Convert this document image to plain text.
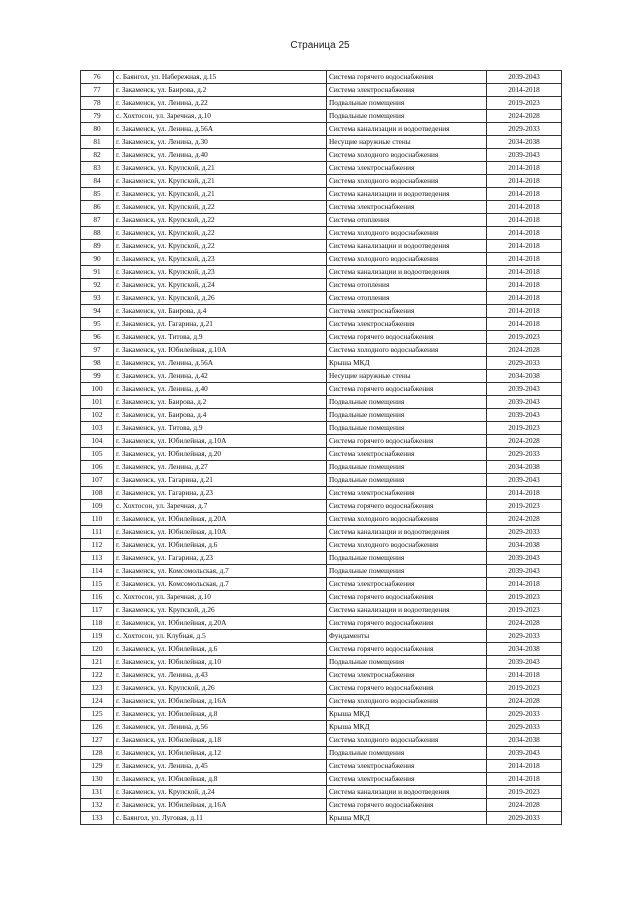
Страница 25
76	с. Баянгол, ул. Набережная, д.15	Система горячего водоснабжения	2039-2043
77	г. Закаменск, ул. Баирова, д.2	Система электроснабжения	2014-2018
78	г. Закаменск, ул. Ленина, д.22	Подвальные помещения	2019-2023
79	с. Хохтосон, ул. Заречная, д.10	Подвальные помещения	2024-2028
80	г. Закаменск, ул. Ленина, д.56А	Система канализации и водоотведения	2029-2033
81	г. Закаменск, ул. Ленина, д.30	Несущие наружные стены	2034-2038
82	г. Закаменск, ул. Ленина, д.40	Система холодного водоснабжения	2039-2043
83	г. Закаменск, ул. Крупской, д.21	Система электроснабжения	2014-2018
84	г. Закаменск, ул. Крупской, д.21	Система холодного водоснабжения	2014-2018
85	г. Закаменск, ул. Крупской, д.21	Система канализации и водоотведения	2014-2018
86	г. Закаменск, ул. Крупской, д.22	Система электроснабжения	2014-2018
87	г. Закаменск, ул. Крупской, д.22	Система отопления	2014-2018
88	г. Закаменск, ул. Крупской, д.22	Система холодного водоснабжения	2014-2018
89	г. Закаменск, ул. Крупской, д.22	Система канализации и водоотведения	2014-2018
90	г. Закаменск, ул. Крупской, д.23	Система холодного водоснабжения	2014-2018
91	г. Закаменск, ул. Крупской, д.23	Система канализации и водоотведения	2014-2018
92	г. Закаменск, ул. Крупской, д.24	Система отопления	2014-2018
93	г. Закаменск, ул. Крупской, д.26	Система отопления	2014-2018
94	г. Закаменск, ул. Баирова, д.4	Система электроснабжения	2014-2018
95	г. Закаменск, ул. Гагарина, д.21	Система электроснабжения	2014-2018
96	г. Закаменск, ул. Титова, д.9	Система горячего водоснабжения	2019-2023
97	г. Закаменск, ул. Юбилейная, д.10А	Система холодного водоснабжения	2024-2028
98	г. Закаменск, ул. Ленина, д.56А	Крыша МКД	2029-2033
99	г. Закаменск, ул. Ленина, д.42	Несущие наружные стены	2034-2038
100	г. Закаменск, ул. Ленина, д.40	Система горячего водоснабжения	2039-2043
101	г. Закаменск, ул. Баирова, д.2	Подвальные помещения	2039-2043
102	г. Закаменск, ул. Баирова, д.4	Подвальные помещения	2039-2043
103	г. Закаменск, ул. Титова, д.9	Подвальные помещения	2019-2023
104	г. Закаменск, ул. Юбилейная, д.10А	Система горячего водоснабжения	2024-2028
105	г. Закаменск, ул. Юбилейная, д.20	Система электроснабжения	2029-2033
106	г. Закаменск, ул. Ленина, д.27	Подвальные помещения	2034-2038
107	г. Закаменск, ул. Гагарина, д.21	Подвальные помещения	2039-2043
108	г. Закаменск, ул. Гагарина, д.23	Система электроснабжения	2014-2018
109	с. Хохтосон, ул. Заречная, д.7	Система горячего водоснабжения	2019-2023
110	г. Закаменск, ул. Юбилейная, д.20А	Система холодного водоснабжения	2024-2028
111	г. Закаменск, ул. Юбилейная, д.10А	Система канализации и водоотведения	2029-2033
112	г. Закаменск, ул. Юбилейная, д.6	Система холодного водоснабжения	2034-2038
113	г. Закаменск, ул. Гагарина, д.23	Подвальные помещения	2039-2043
114	г. Закаменск, ул. Комсомольская, д.7	Подвальные помещения	2039-2043
115	г. Закаменск, ул. Комсомольская, д.7	Система электроснабжения	2014-2018
116	с. Хохтосон, ул. Заречная, д.10	Система горячего водоснабжения	2019-2023
117	г. Закаменск, ул. Крупской, д.26	Система канализации и водоотведения	2019-2023
118	г. Закаменск, ул. Юбилейная, д.20А	Система горячего водоснабжения	2024-2028
119	с. Хохтосон, ул. Клубная, д.5	Фундаменты	2029-2033
120	г. Закаменск, ул. Юбилейная, д.6	Система горячего водоснабжения	2034-2038
121	г. Закаменск, ул. Юбилейная, д.10	Подвальные помещения	2039-2043
122	г. Закаменск, ул. Ленина, д.43	Система электроснабжения	2014-2018
123	г. Закаменск, ул. Крупской, д.26	Система горячего водоснабжения	2019-2023
124	г. Закаменск, ул. Юбилейная, д.16А	Система холодного водоснабжения	2024-2028
125	г. Закаменск, ул. Юбилейная, д.8	Крыша МКД	2029-2033
126	г. Закаменск, ул. Ленина, д.56	Крыша МКД	2029-2033
127	г. Закаменск, ул. Юбилейная, д.18	Система холодного водоснабжения	2034-2038
128	г. Закаменск, ул. Юбилейная, д.12	Подвальные помещения	2039-2043
129	г. Закаменск, ул. Ленина, д.45	Система электроснабжения	2014-2018
130	г. Закаменск, ул. Юбилейная, д.8	Система электроснабжения	2014-2018
131	г. Закаменск, ул. Крупской, д.24	Система канализации и водоотведения	2019-2023
132	г. Закаменск, ул. Юбилейная, д.16А	Система горячего водоснабжения	2024-2028
133	с. Баянгол, ул. Луговая, д.11	Крыша МКД	2029-2033
